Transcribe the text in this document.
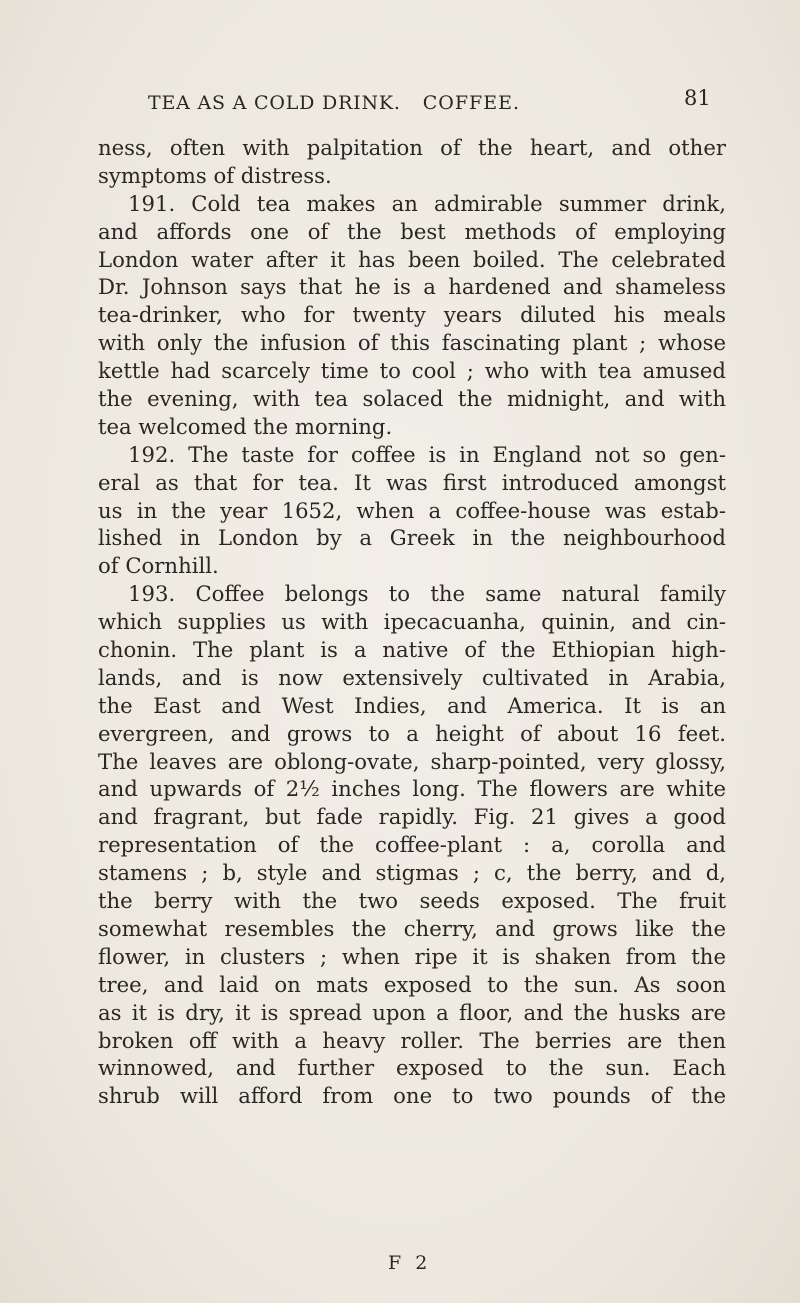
TEA AS A COLD DRINK. COFFEE.	81
ness, often with palpitation of the heart, and other
symptoms of distress.
191. Cold tea makes an admirable summer drink,
and affords one of the best methods of employing
London water after it has been boiled. The celebrated
Dr. Johnson says that he is a hardened and shameless
tea-drinker, who for twenty years diluted his meals
with only the infusion of this fascinating plant ; whose
kettle had scarcely time to cool ; who with tea amused
the evening, with tea solaced the midnight, and with
tea welcomed the morning.
192. The taste for coffee is in England not so gen-
eral as that for tea. It was first introduced amongst
us in the year 1652, when a coffee-house was estab-
lished in London by a Greek in the neighbourhood
of Cornhill.
193. Coffee belongs to the same natural family
which supplies us with ipecacuanha, quinin, and cin-
chonin. The plant is a native of the Ethiopian high-
lands, and is now extensively cultivated in Arabia,
the East and West Indies, and America. It is an
evergreen, and grows to a height of about 16 feet.
The leaves are oblong-ovate, sharp-pointed, very glossy,
and upwards of 2½ inches long. The flowers are white
and fragrant, but fade rapidly. Fig. 21 gives a good
representation of the coffee-plant : a, corolla and
stamens ; b, style and stigmas ; c, the berry, and d,
the berry with the two seeds exposed. The fruit
somewhat resembles the cherry, and grows like the
flower, in clusters ; when ripe it is shaken from the
tree, and laid on mats exposed to the sun. As soon
as it is dry, it is spread upon a floor, and the husks are
broken off with a heavy roller. The berries are then
winnowed, and further exposed to the sun. Each
shrub will afford from one to two pounds of the
F 2
